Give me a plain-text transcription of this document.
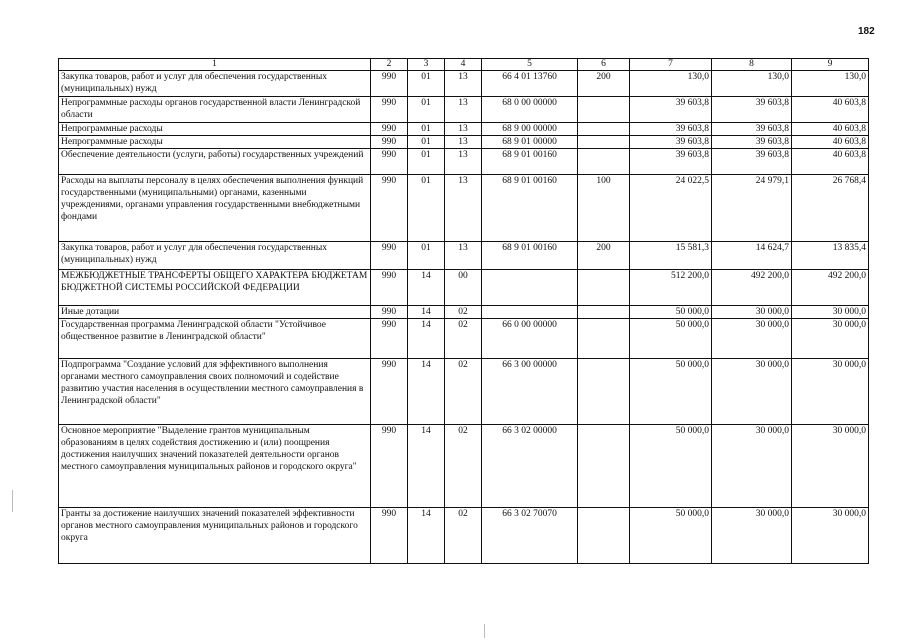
182
1	2	3	4	5	6	7	8	9
Закупка товаров, работ и услуг для обеспечения государственных (муниципальных) нужд	990	01	13	66 4 01 13760	200	130,0	130,0	130,0
Непрограммные расходы органов государственной власти Ленинградской области	990	01	13	68 0 00 00000		39 603,8	39 603,8	40 603,8
Непрограммные расходы	990	01	13	68 9 00 00000		39 603,8	39 603,8	40 603,8
Непрограммные расходы	990	01	13	68 9 01 00000		39 603,8	39 603,8	40 603,8
Обеспечение деятельности (услуги, работы) государственных учреждений	990	01	13	68 9 01 00160		39 603,8	39 603,8	40 603,8
Расходы на выплаты персоналу в целях обеспечения выполнения функций государственными (муниципальными) органами, казенными учреждениями, органами управления государственными внебюджетными фондами	990	01	13	68 9 01 00160	100	24 022,5	24 979,1	26 768,4
Закупка товаров, работ и услуг для обеспечения государственных (муниципальных) нужд	990	01	13	68 9 01 00160	200	15 581,3	14 624,7	13 835,4
МЕЖБЮДЖЕТНЫЕ ТРАНСФЕРТЫ ОБЩЕГО ХАРАКТЕРА БЮДЖЕТАМ БЮДЖЕТНОЙ СИСТЕМЫ РОССИЙСКОЙ ФЕДЕРАЦИИ	990	14	00			512 200,0	492 200,0	492 200,0
Иные дотации	990	14	02			50 000,0	30 000,0	30 000,0
Государственная программа Ленинградской области "Устойчивое общественное развитие в Ленинградской области"	990	14	02	66 0 00 00000		50 000,0	30 000,0	30 000,0
Подпрограмма "Создание условий для эффективного выполнения органами местного самоуправления своих полномочий и содействие развитию участия населения в осуществлении местного самоуправления в Ленинградской области"	990	14	02	66 3 00 00000		50 000,0	30 000,0	30 000,0
Основное мероприятие "Выделение грантов муниципальным образованиям в целях содействия достижению и (или) поощрения достижения наилучших значений показателей деятельности органов местного самоуправления муниципальных районов и городского округа"	990	14	02	66 3 02 00000		50 000,0	30 000,0	30 000,0
Гранты за достижение наилучших значений показателей эффективности органов местного самоуправления муниципальных районов и городского округа	990	14	02	66 3 02 70070		50 000,0	30 000,0	30 000,0
